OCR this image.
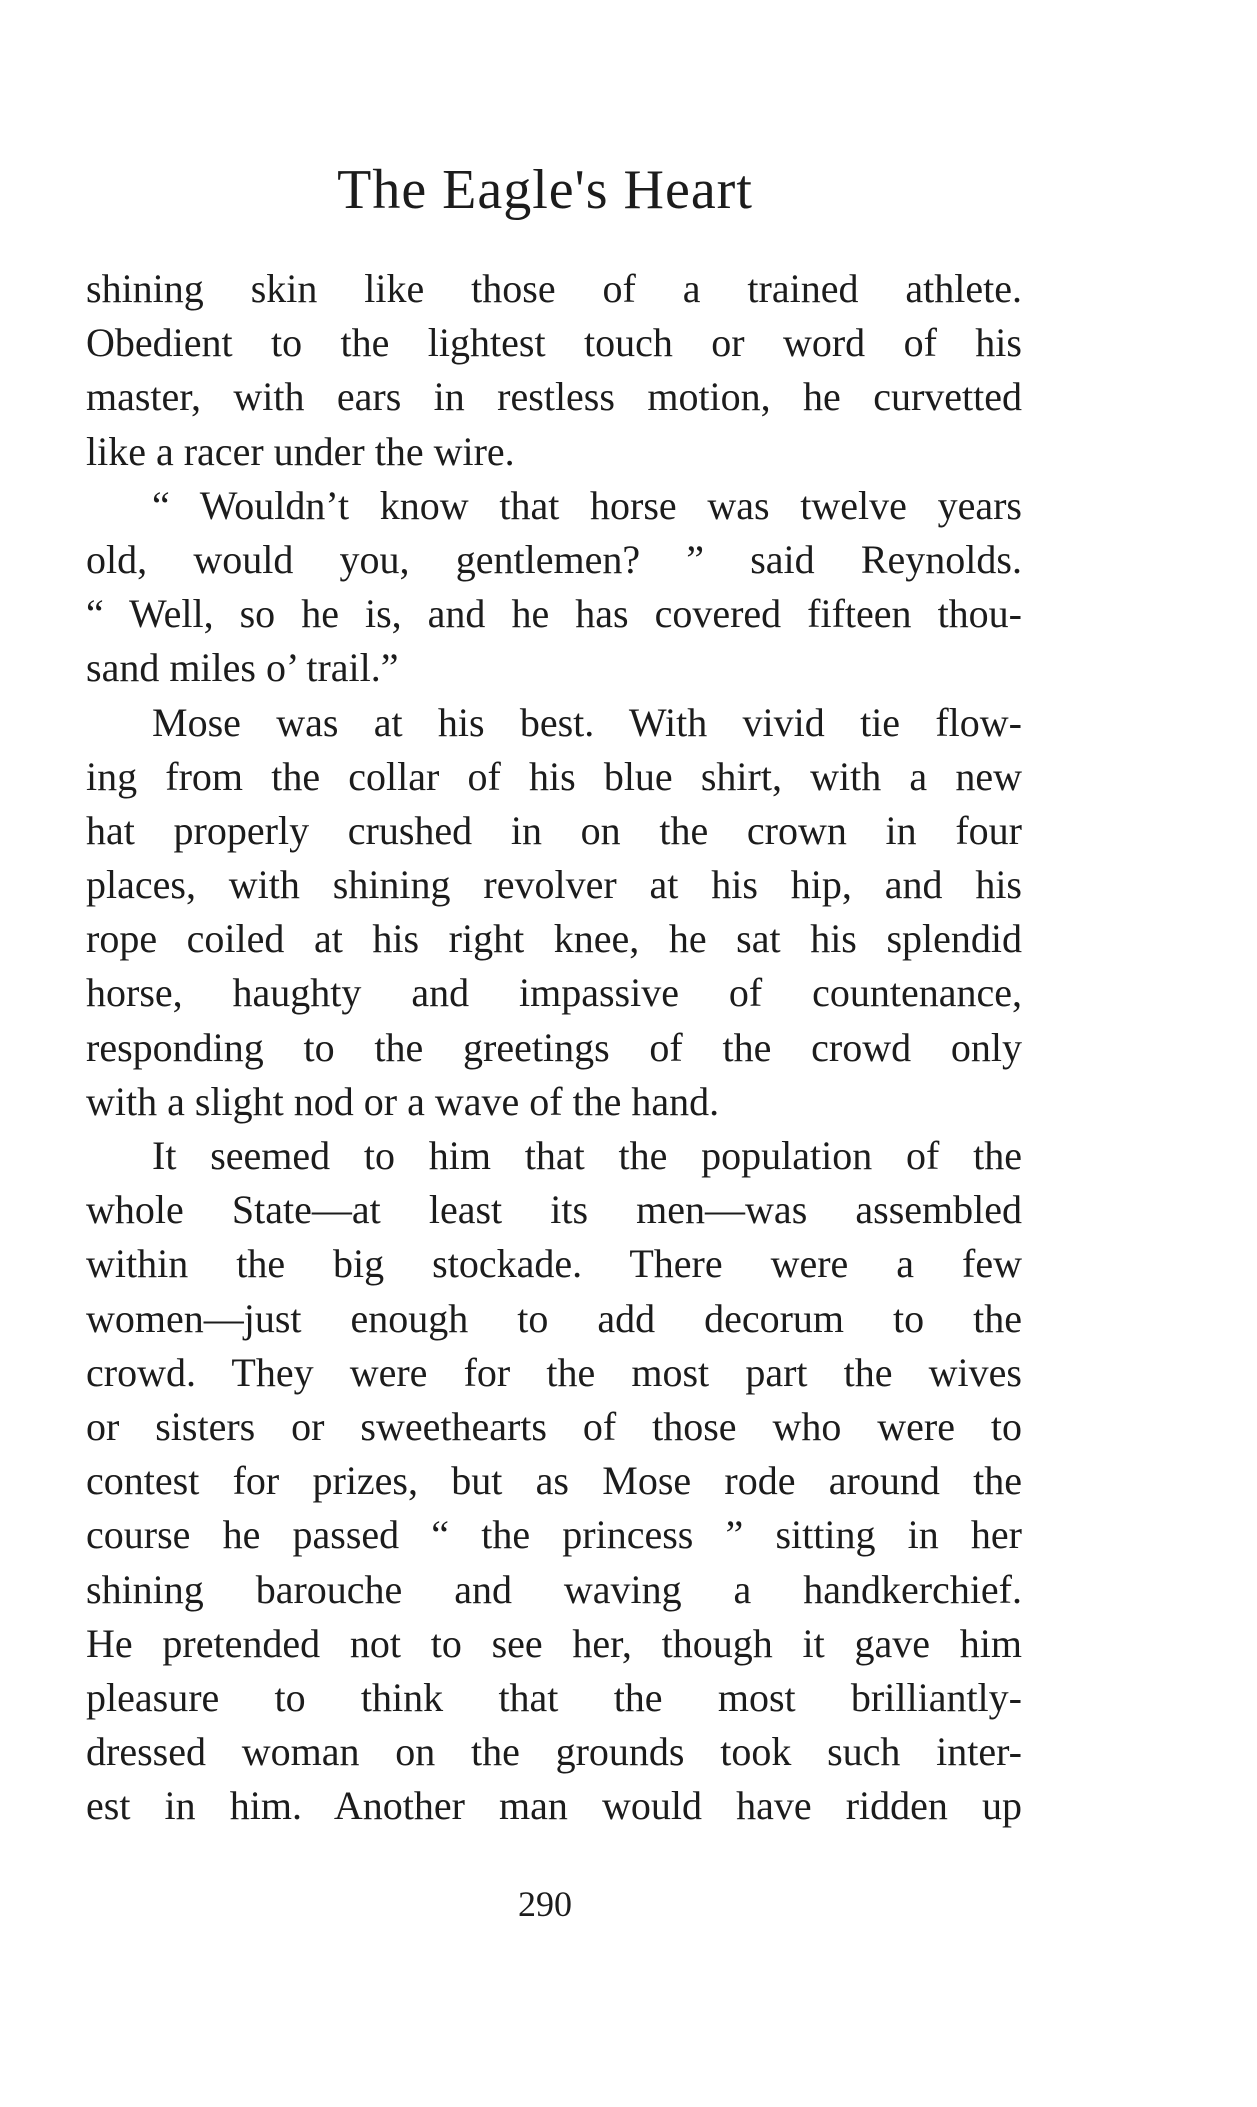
The Eagle's Heart
shining skin like those of a trained athlete.
Obedient to the lightest touch or word of his
master, with ears in restless motion, he curvetted
like a racer under the wire.
“ Wouldn’t know that horse was twelve years
old, would you, gentlemen? ” said Reynolds.
“ Well, so he is, and he has covered fifteen thou-
sand miles o’ trail.”
Mose was at his best. With vivid tie flow-
ing from the collar of his blue shirt, with a new
hat properly crushed in on the crown in four
places, with shining revolver at his hip, and his
rope coiled at his right knee, he sat his splendid
horse, haughty and impassive of countenance,
responding to the greetings of the crowd only
with a slight nod or a wave of the hand.
It seemed to him that the population of the
whole State—at least its men—was assembled
within the big stockade. There were a few
women—just enough to add decorum to the
crowd. They were for the most part the wives
or sisters or sweethearts of those who were to
contest for prizes, but as Mose rode around the
course he passed “ the princess ” sitting in her
shining barouche and waving a handkerchief.
He pretended not to see her, though it gave him
pleasure to think that the most brilliantly-
dressed woman on the grounds took such inter-
est in him. Another man would have ridden up
290
